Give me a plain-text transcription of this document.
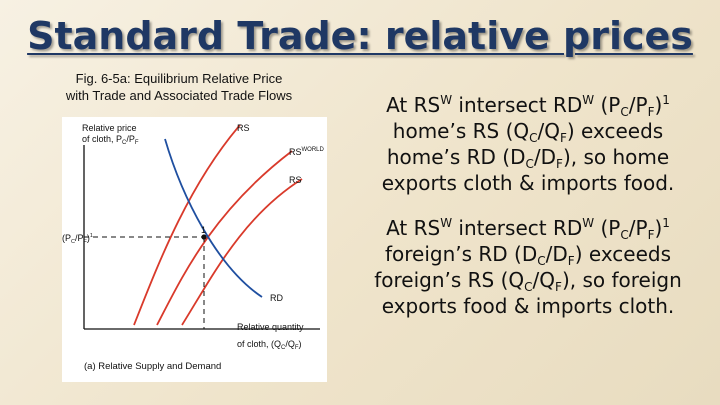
Standard Trade: relative prices
Fig. 6-5a: Equilibrium Relative Price
with Trade and Associated Trade Flows
Relative price
of cloth, $P_C/P_F$
1
RS
$RS^{WORLD}$
RS
RD
$(P_C/P_F)^1$
Relative quantity
of cloth, $(Q_C/Q_F)$
(a) Relative Supply and Demand
At $RS^W$ intersect $RD^W$ $(P_C/P_F)^1$
home’s RS $(Q_C/Q_F)$ exceeds
home’s RD $(D_C/D_F)$, so home
exports cloth & imports food.
At $RS^W$ intersect $RD^W$ $(P_C/P_F)^1$
foreign’s RD $(D_C/D_F)$ exceeds
foreign’s RS $(Q_C/Q_F)$, so foreign
exports food & imports cloth.
